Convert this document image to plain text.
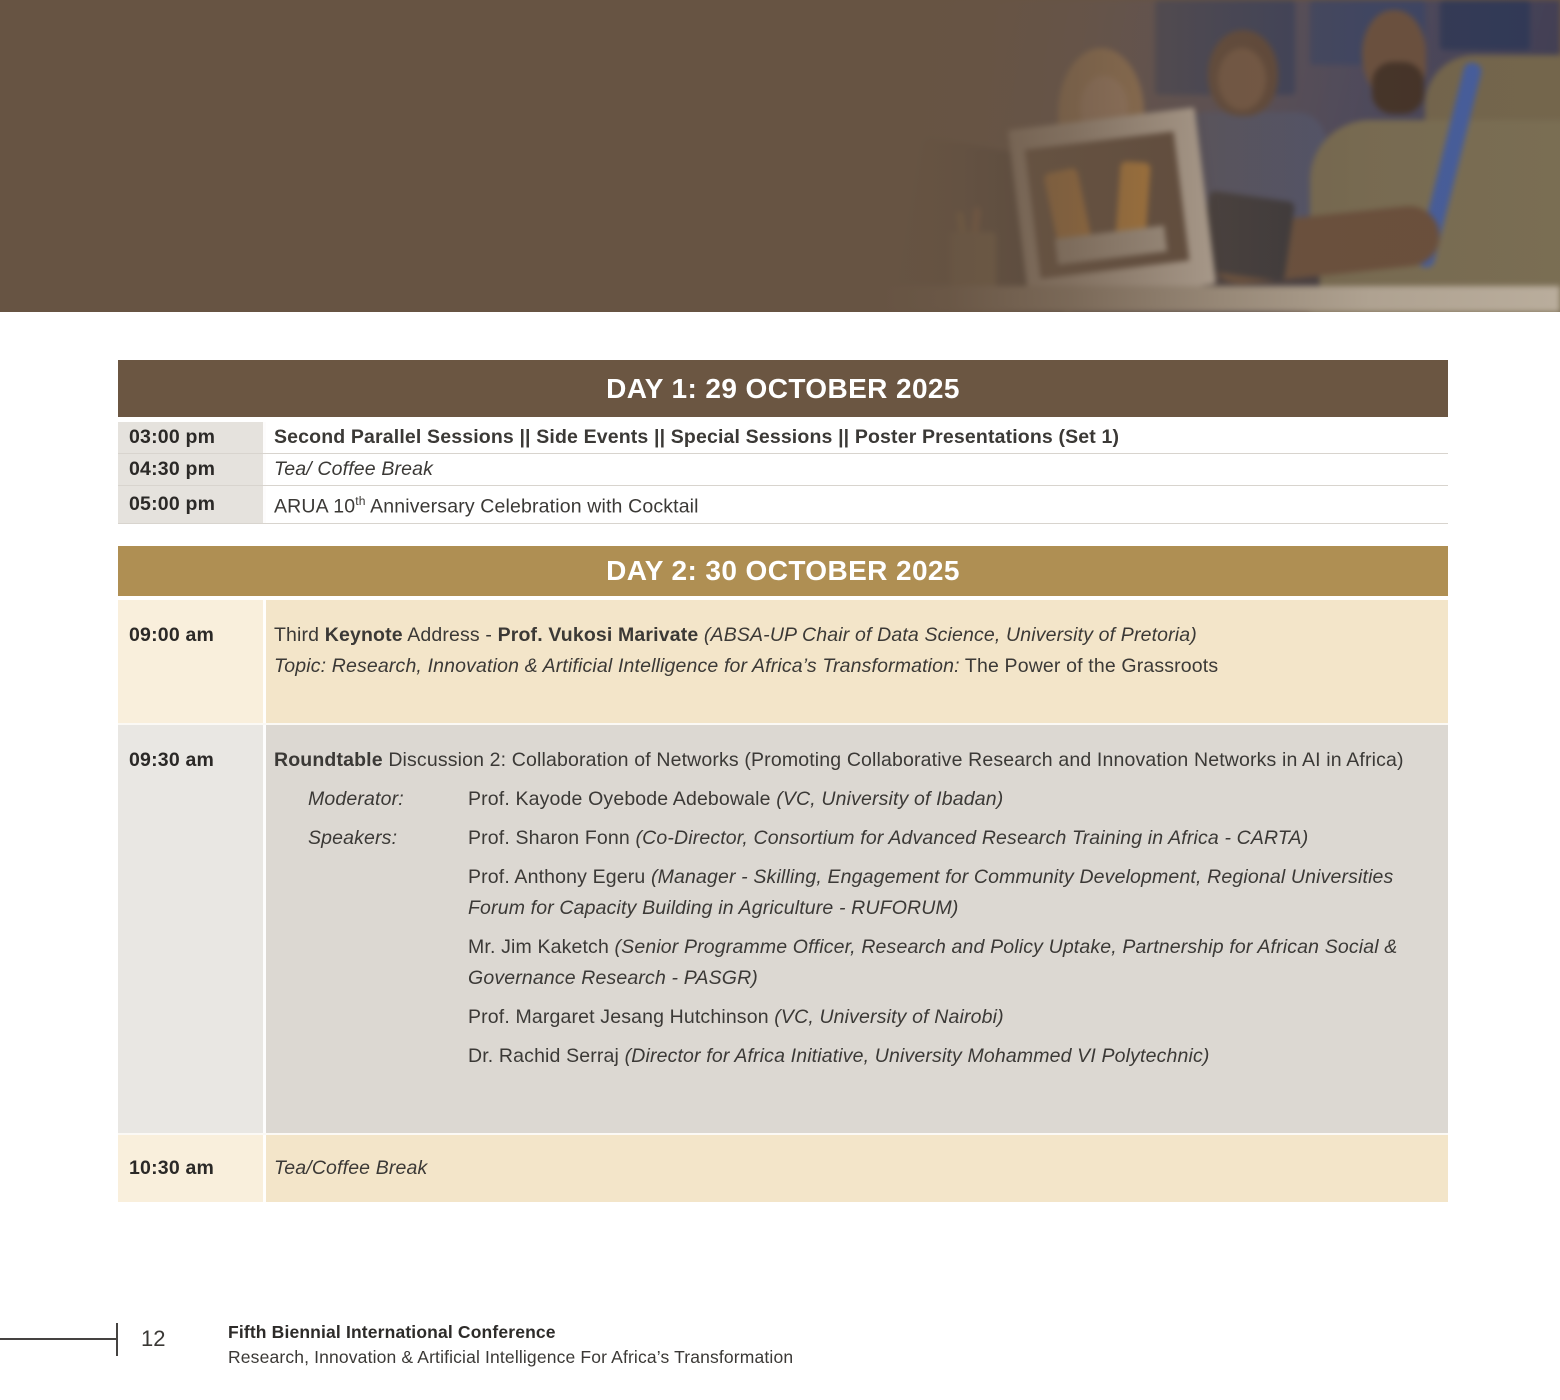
DAY 1: 29 OCTOBER 2025
03:00 pm	Second Parallel Sessions || Side Events || Special Sessions || Poster Presentations (Set 1)

04:30 pm	Tea/ Coffee Break

05:00 pm	ARUA 10th Anniversary Celebration with Cocktail

DAY 2: 30 OCTOBER 2025
09:00 am	Third Keynote Address - Prof. Vukosi Marivate (ABSA-UP Chair of Data Science, University of Pretoria)

Topic: Research, Innovation & Artificial Intelligence for Africa’s Transformation: The Power of the Grassroots

09:30 am	Roundtable Discussion 2: Collaboration of Networks (Promoting Collaborative Research and Innovation Networks in AI in Africa)

Moderator:	Prof. Kayode Oyebode Adebowale (VC, University of Ibadan)

Speakers:	Prof. Sharon Fonn (Co-Director, Consortium for Advanced Research Training in Africa - CARTA)

Prof. Anthony Egeru (Manager - Skilling, Engagement for Community Development, Regional Universities Forum for Capacity Building in Agriculture - RUFORUM)

Mr. Jim Kaketch (Senior Programme Officer, Research and Policy Uptake, Partnership for African Social & Governance Research - PASGR)

Prof. Margaret Jesang Hutchinson (VC, University of Nairobi)

Dr. Rachid Serraj (Director for Africa Initiative, University Mohammed VI Polytechnic)

10:30 am	Tea/Coffee Break

12	Fifth Biennial International Conference
Research, Innovation & Artificial Intelligence For Africa’s Transformation
